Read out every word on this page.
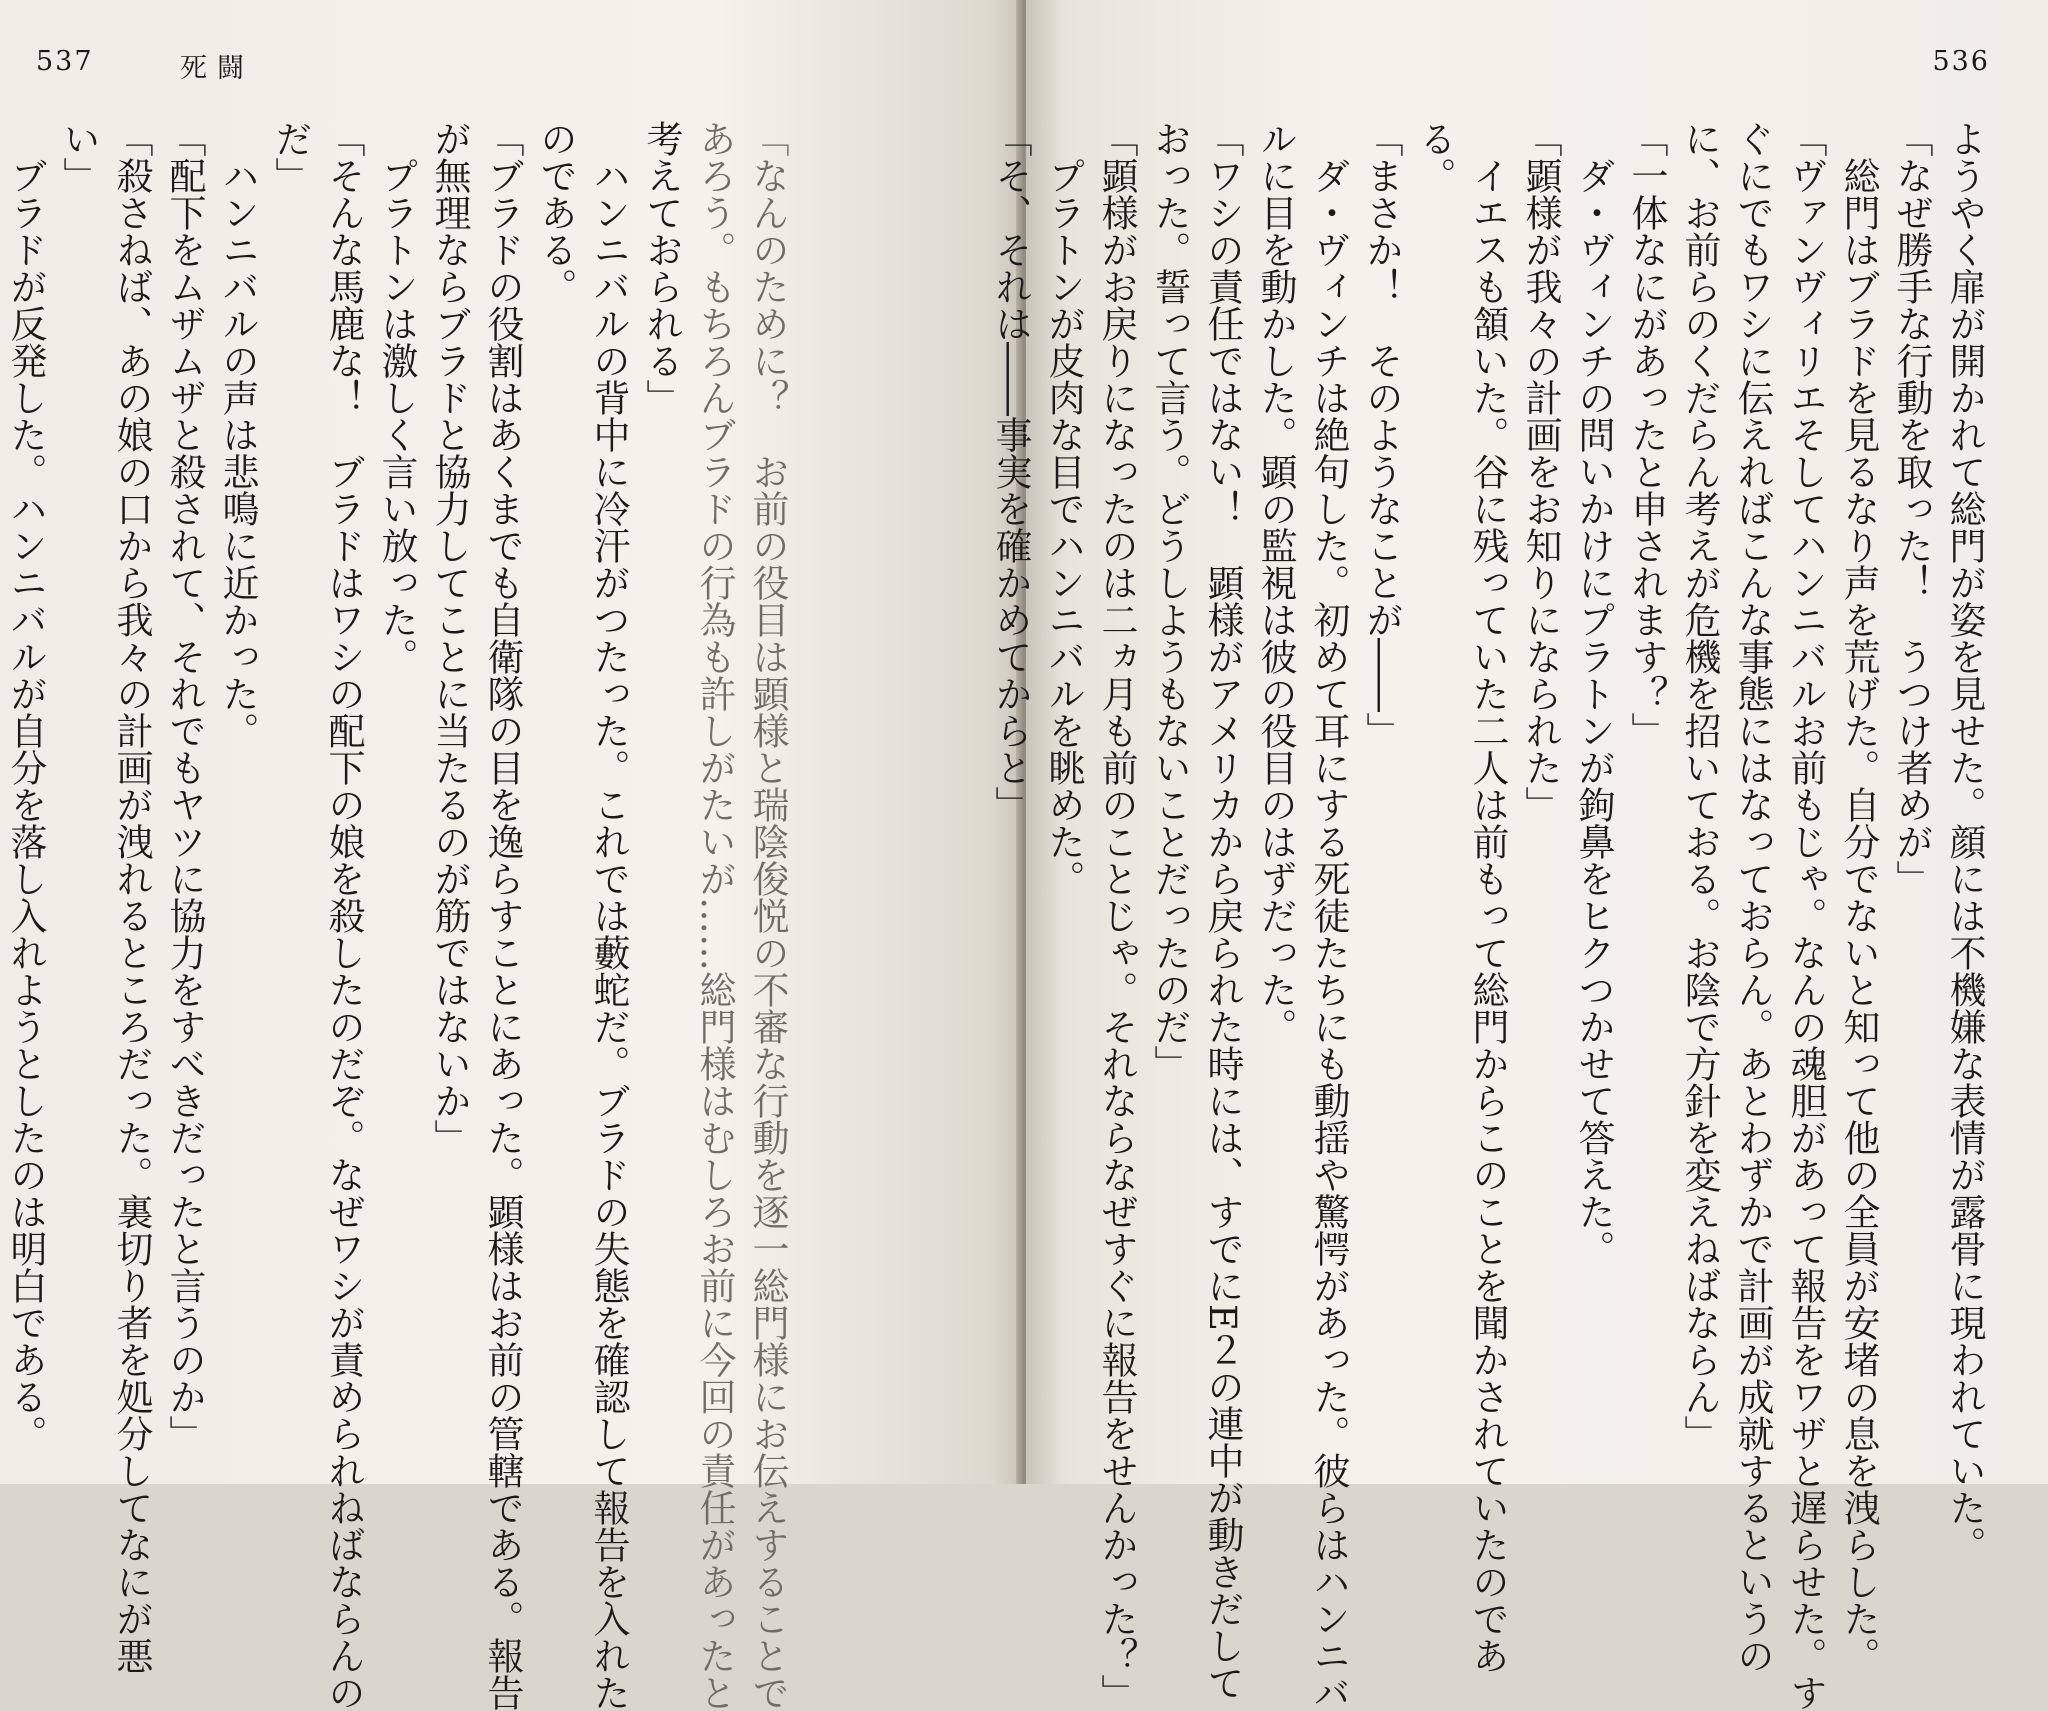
537	死闘

「なんのために？　お前の役目は顕様と瑞陰俊悦の不審な行動を逐一総門様にお伝えすることで

あろう。もちろんブラドの行為も許しがたいが……総門様はむしろお前に今回の責任があったと

考えておられる」

　ハンニバルの背中に冷汗がつたった。これでは藪蛇だ。ブラドの失態を確認して報告を入れた

のである。

「ブラドの役割はあくまでも自衛隊の目を逸らすことにあった。顕様はお前の管轄である。報告

が無理ならブラドと協力してことに当たるのが筋ではないか」

　プラトンは激しく言い放った。

「そんな馬鹿な！　ブラドはワシの配下の娘を殺したのだぞ。なぜワシが責められねばならんの

だ」

　ハンニバルの声は悲鳴に近かった。

「配下をムザムザと殺されて、それでもヤツに協力をすべきだったと言うのか」

「殺さねば、あの娘の口から我々の計画が洩れるところだった。裏切り者を処分してなにが悪

い」

　ブラドが反発した。ハンニバルが自分を落し入れようとしたのは明白である。

536

ようやく扉が開かれて総門が姿を見せた。顔には不機嫌な表情が露骨に現われていた。

「なぜ勝手な行動を取った！　うつけ者めが」

　総門はブラドを見るなり声を荒げた。自分でないと知って他の全員が安堵の息を洩らした。

「ヴァンヴィリエそしてハンニバルお前もじゃ。なんの魂胆があって報告をワザと遅らせた。す

ぐにでもワシに伝えればこんな事態にはなっておらん。あとわずかで計画が成就するというの

に、お前らのくだらん考えが危機を招いておる。お陰で方針を変えねばならん」

「一体なにがあったと申されます？」

　ダ・ヴィンチの問いかけにプラトンが鉤鼻をヒクつかせて答えた。

「顕様が我々の計画をお知りになられた」

　イエスも頷いた。谷に残っていた二人は前もって総門からこのことを聞かされていたのであ

る。

「まさか！　そのようなことが――」

　ダ・ヴィンチは絶句した。初めて耳にする死徒たちにも動揺や驚愕があった。彼らはハンニバ

ルに目を動かした。顕の監視は彼の役目のはずだった。

「ワシの責任ではない！　顕様がアメリカから戻られた時には、すでにE２の連中が動きだして

おった。誓って言う。どうしようもないことだったのだ」

「顕様がお戻りになったのは二ヵ月も前のことじゃ。それならなぜすぐに報告をせんかった？」

　プラトンが皮肉な目でハンニバルを眺めた。

「そ、それは――事実を確かめてからと」
